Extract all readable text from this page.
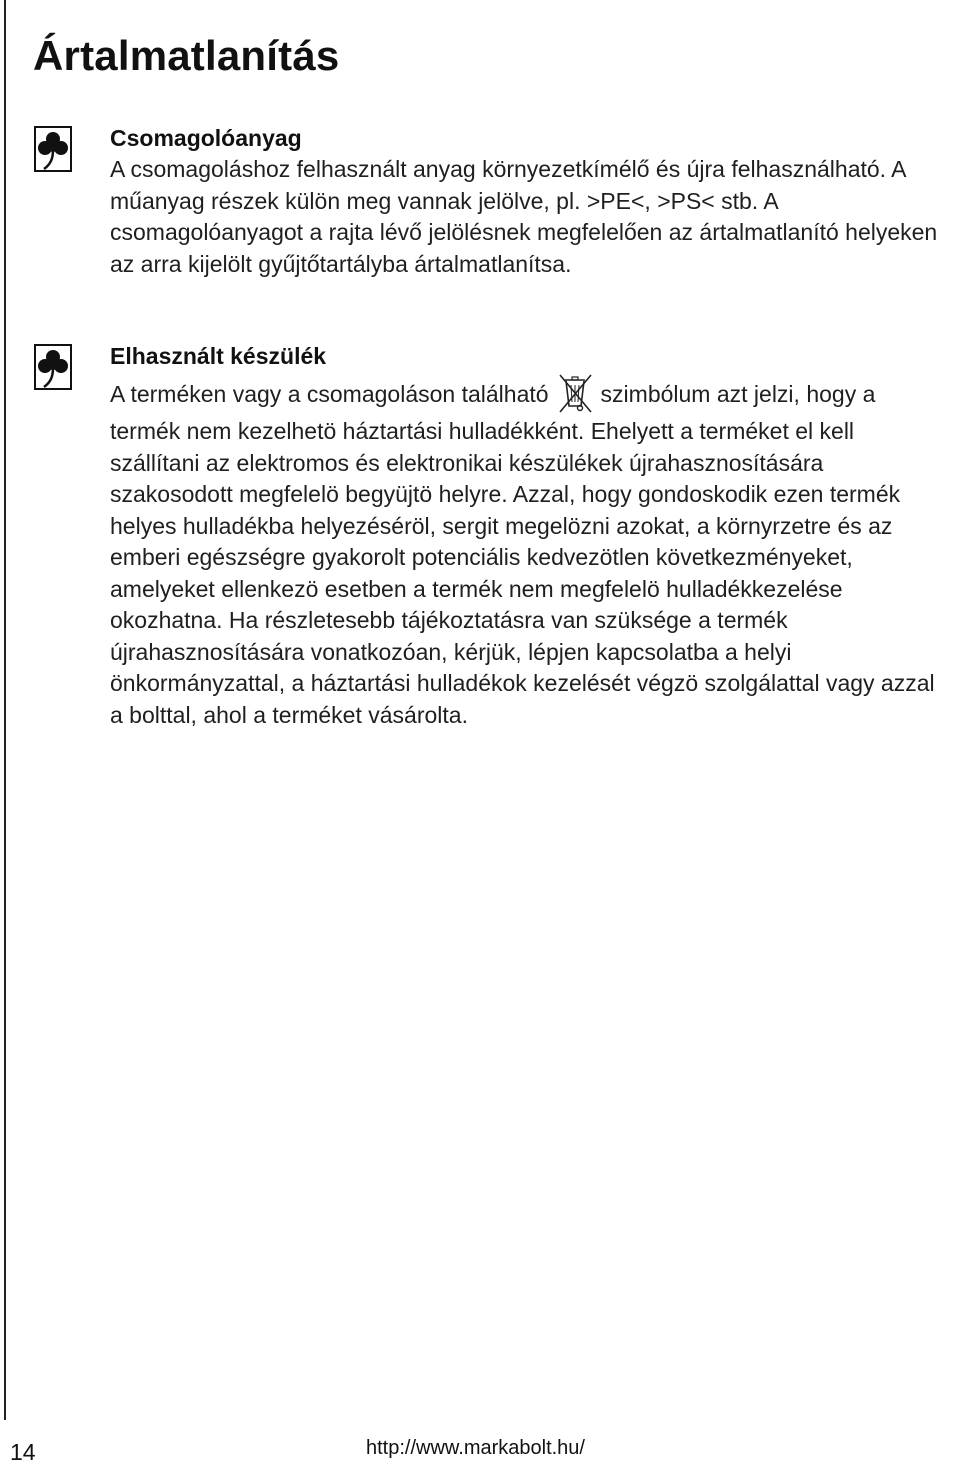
Ártalmatlanítás
Csomagolóanyag

A csomagoláshoz felhasznált anyag környezetkímélő és újra felhasználható. A műanyag részek külön meg vannak jelölve, pl. >PE<, >PS< stb. A csomagolóanyagot a rajta lévő jelölésnek megfelelően az ártalmatlanító helyeken az arra kijelölt gyűjtőtartályba ártalmatlanítsa.

Elhasznált készülék

A terméken vagy a csomagoláson található szimbólum azt jelzi, hogy a termék nem kezelhetö háztartási hulladékként. Ehelyett a terméket el kell szállítani az elektromos és elektronikai készülékek újrahasznosítására szakosodott megfelelö begyüjtö helyre. Azzal, hogy gondoskodik ezen termék helyes hulladékba helyezéséröl, sergit megelözni azokat, a környrzetre és az emberi egészségre gyakorolt potenciális kedvezötlen következményeket, amelyeket ellenkezö esetben a termék nem megfelelö hulladékkezelése okozhatna. Ha részletesebb tájékoztatásra van szüksége a termék újrahasznosítására vonatkozóan, kérjük, lépjen kapcsolatba a helyi önkormányzattal, a háztartási hulladékok kezelését végzö szolgálattal vagy azzal a bolttal, ahol a terméket vásárolta.

14	http://www.markabolt.hu/
